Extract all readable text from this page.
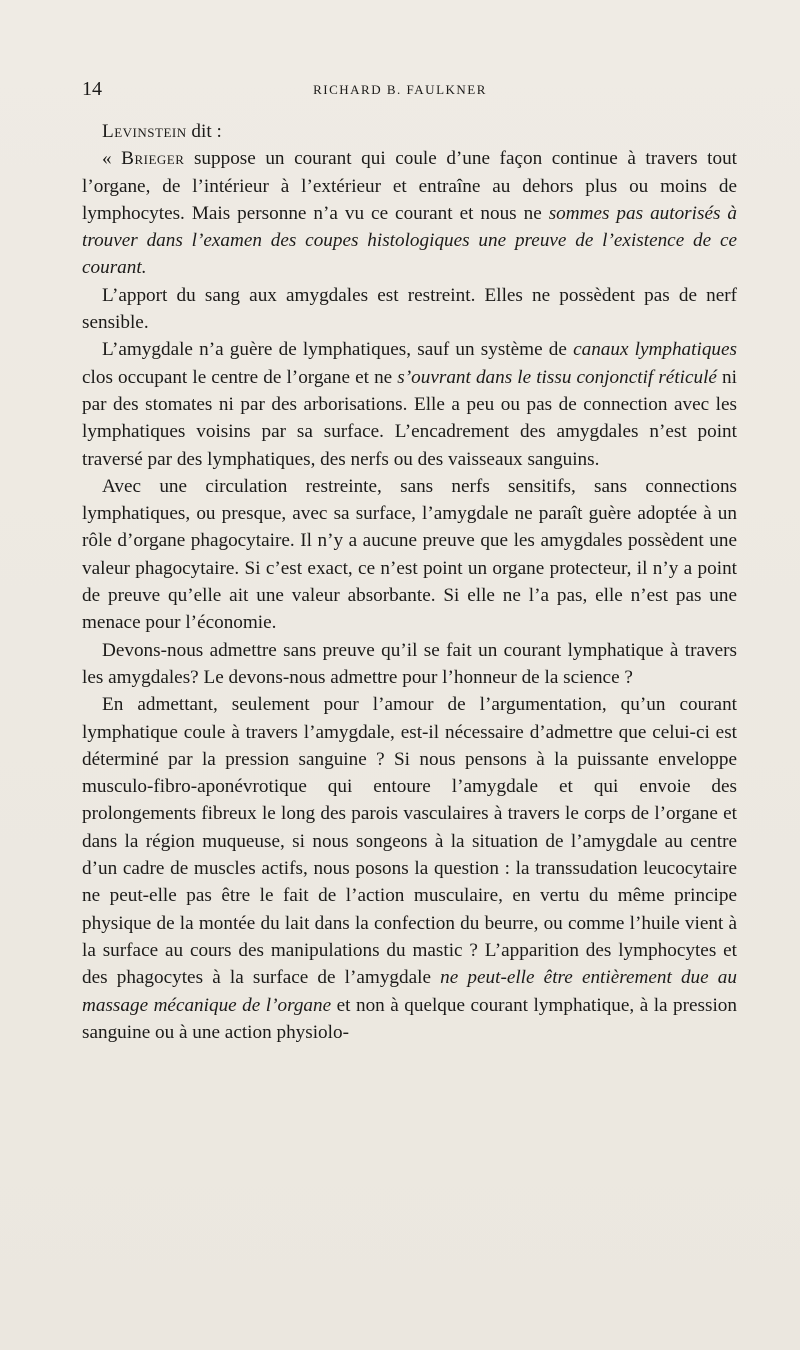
14	RICHARD B. FAULKNER

Levinstein dit :

« Brieger suppose un courant qui coule d’une façon continue à travers tout l’organe, de l’intérieur à l’extérieur et entraîne au dehors plus ou moins de lymphocytes. Mais personne n’a vu ce courant et nous ne sommes pas autorisés à trouver dans l’examen des coupes histologiques une preuve de l’existence de ce courant.

L’apport du sang aux amygdales est restreint. Elles ne possèdent pas de nerf sensible.

L’amygdale n’a guère de lymphatiques, sauf un système de canaux lymphatiques clos occupant le centre de l’organe et ne s’ouvrant dans le tissu conjonctif réticulé ni par des stomates ni par des arborisations. Elle a peu ou pas de connection avec les lymphatiques voisins par sa surface. L’encadrement des amygdales n’est point traversé par des lymphatiques, des nerfs ou des vaisseaux sanguins.

Avec une circulation restreinte, sans nerfs sensitifs, sans connections lymphatiques, ou presque, avec sa surface, l’amygdale ne paraît guère adoptée à un rôle d’organe phagocytaire. Il n’y a aucune preuve que les amygdales possèdent une valeur phagocytaire. Si c’est exact, ce n’est point un organe protecteur, il n’y a point de preuve qu’elle ait une valeur absorbante. Si elle ne l’a pas, elle n’est pas une menace pour l’économie.

Devons-nous admettre sans preuve qu’il se fait un courant lymphatique à travers les amygdales? Le devons-nous admettre pour l’honneur de la science ?

En admettant, seulement pour l’amour de l’argumentation, qu’un courant lymphatique coule à travers l’amygdale, est-il nécessaire d’admettre que celui-ci est déterminé par la pression sanguine ? Si nous pensons à la puissante enveloppe musculo-fibro-aponévrotique qui entoure l’amygdale et qui envoie des prolongements fibreux le long des parois vasculaires à travers le corps de l’organe et dans la région muqueuse, si nous songeons à la situation de l’amygdale au centre d’un cadre de muscles actifs, nous posons la question : la transsudation leucocytaire ne peut-elle pas être le fait de l’action musculaire, en vertu du même principe physique de la montée du lait dans la confection du beurre, ou comme l’huile vient à la surface au cours des manipulations du mastic ? L’apparition des lymphocytes et des phagocytes à la surface de l’amygdale ne peut-elle être entièrement due au massage mécanique de l’organe et non à quelque courant lymphatique, à la pression sanguine ou à une action physiolo-
